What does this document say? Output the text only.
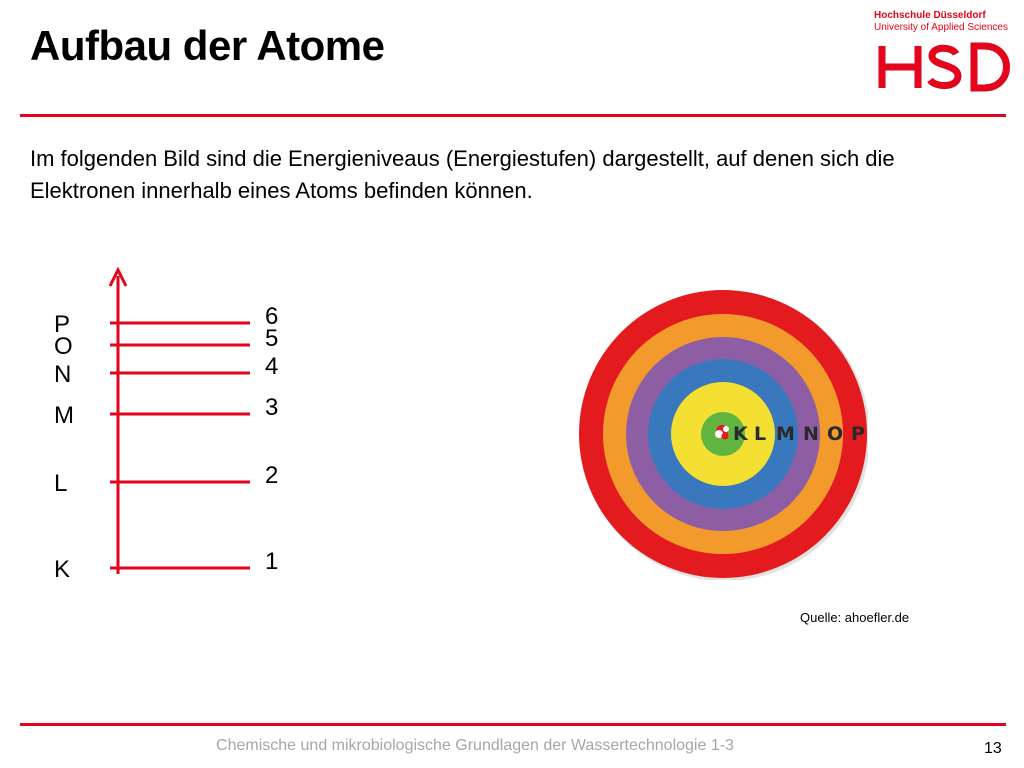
Aufbau der Atome
Hochschule Düsseldorf
University of Applied Sciences

Im folgenden Bild sind die Energieniveaus (Energiestufen) dargestellt, auf denen sich die Elektronen innerhalb eines Atoms befinden können.

K	1
L	2
M	3
N	4
O	5
P	6
K L M N O P
Quelle: ahoefler.de
Chemische und mikrobiologische Grundlagen der Wassertechnologie 1-3	13
